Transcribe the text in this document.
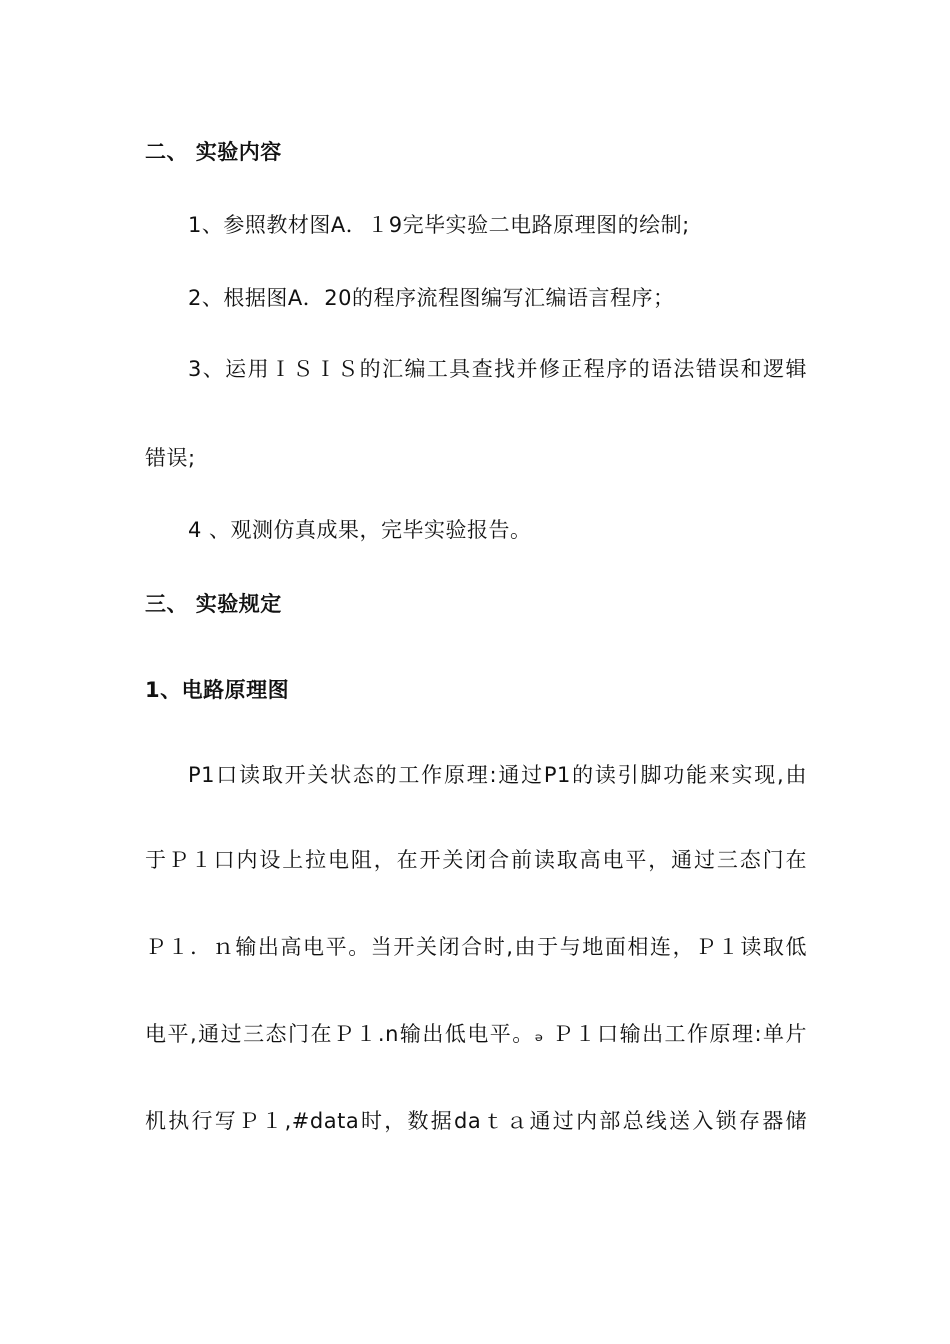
二、 实验内容
1、参照教材图A．１9完毕实验二电路原理图的绘制;
2、根据图A．20的程序流程图编写汇编语言程序；
3、运用ＩＳＩＳ的汇编工具查找并修正程序的语法错误和逻辑
错误;
4 、观测仿真成果，完毕实验报告。
三、 实验规定
1、电路原理图
P1口读取开关状态的工作原理:通过P1的读引脚功能来实现,由
于Ｐ１口内设上拉电阻，在开关闭合前读取高电平，通过三态门在
Ｐ１．ｎ输出高电平。当开关闭合时,由于与地面相连，Ｐ１读取低
电平,通过三态门在Ｐ１.n输出低电平。ₔ Ｐ１口输出工作原理:单片
机执行写Ｐ１,#data时，数据daｔａ通过内部总线送入锁存器储
